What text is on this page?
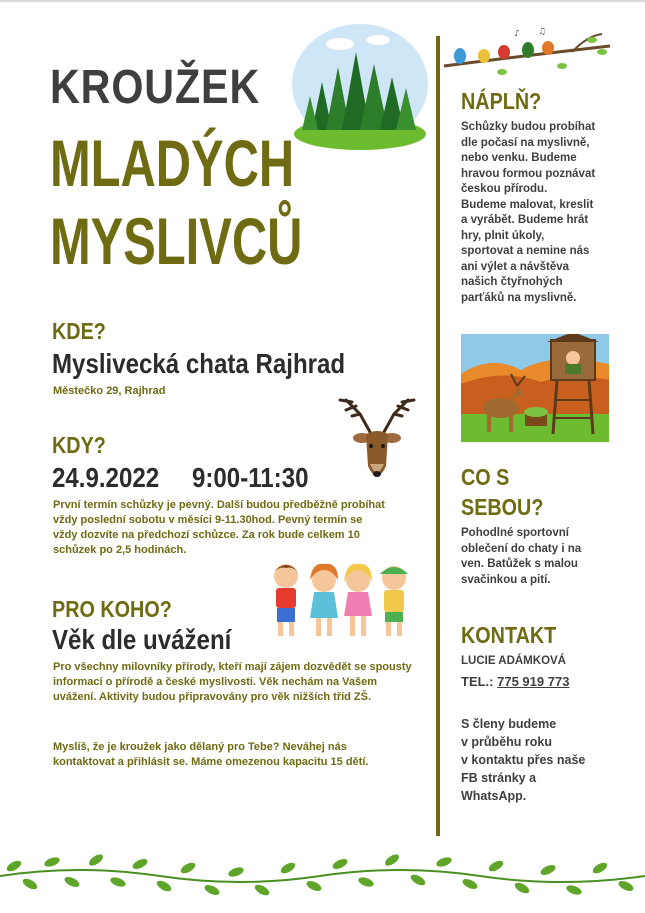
KROUŽEK
MLADÝCH
MYSLIVCŮ
KDE?
Myslivecká chata Rajhrad
Městečko 29, Rajhrad
KDY?
24.9.2022 9:00-11:30
První termín schůzky je pevný. Další budou předběžně probíhat vždy poslední sobotu v měsíci 9-11.30hod. Pevný termín se vždy dozvíte na předchozí schůzce. Za rok bude celkem 10 schůzek po 2,5 hodinách.
PRO KOHO?
Věk dle uvážení
Pro všechny milovníky přírody, kteří mají zájem dozvědět se spousty informací o přírodě a české myslivosti. Věk nechám na Vašem uvážení. Aktivity budou připravovány pro věk nižších tříd ZŠ.
Myslíš, že je kroužek jako dělaný pro Tebe? Neváhej nás kontaktovat a přihlásit se. Máme omezenou kapacitu 15 dětí.
♪ ♫
NÁPLŇ?
Schůzky budou probíhat
dle počasí na myslivně,
nebo venku. Budeme
hravou formou poznávat
českou přírodu.
Budeme malovat, kreslit
a vyrábět. Budeme hrát
hry, plnit úkoly,
sportovat a nemine nás
ani výlet a návštěva
našich čtyřnohých
parťáků na myslivně.
CO S
SEBOU?
Pohodlné sportovní
oblečení do chaty i na
ven. Batůžek s malou
svačinkou a pití.
KONTAKT
LUCIE ADÁMKOVÁ
TEL.: 775 919 773
S členy budeme
v průběhu roku
v kontaktu přes naše
FB stránky a
WhatsApp.
